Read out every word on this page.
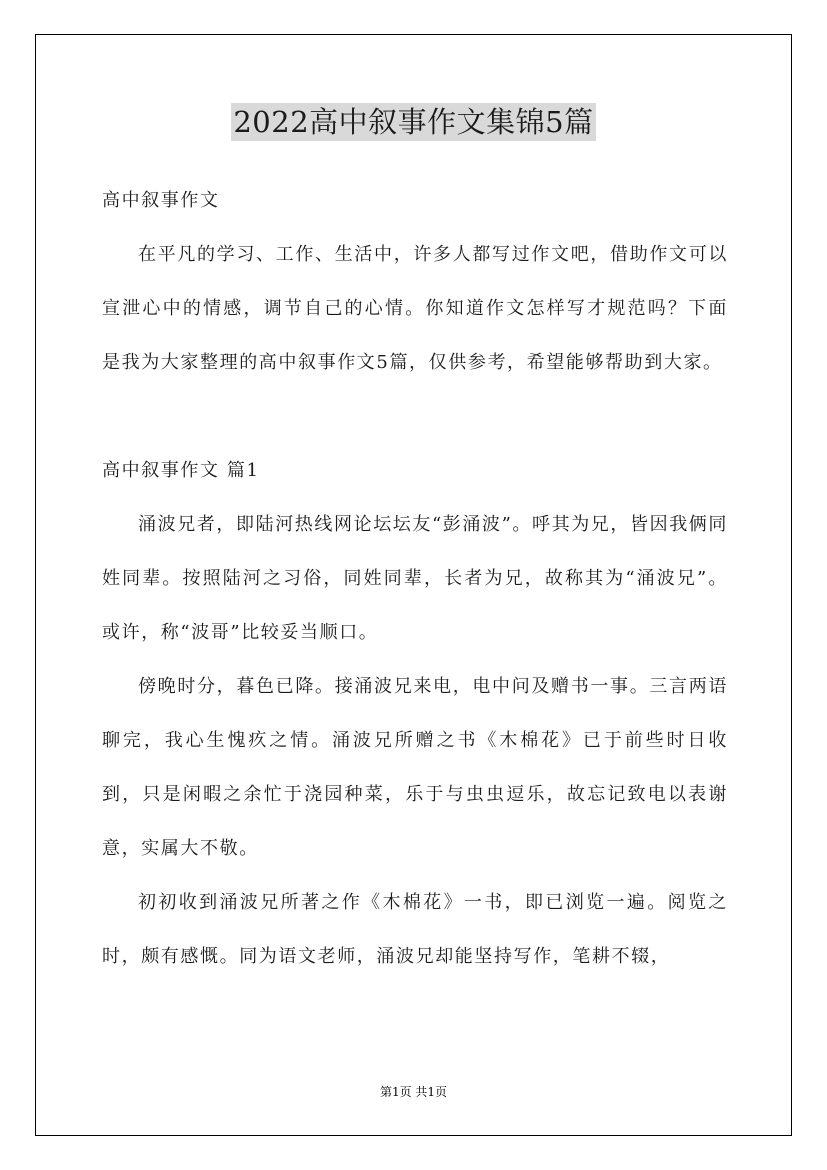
2022高中叙事作文集锦5篇

高中叙事作文

在平凡的学习、工作、生活中，许多人都写过作文吧，借助作文可以宣泄心中的情感，调节自己的心情。你知道作文怎样写才规范吗？下面是我为大家整理的高中叙事作文5篇，仅供参考，希望能够帮助到大家。

高中叙事作文 篇1

涌波兄者，即陆河热线网论坛坛友“彭涌波”。呼其为兄，皆因我俩同姓同辈。按照陆河之习俗，同姓同辈，长者为兄，故称其为“涌波兄”。或许，称“波哥”比较妥当顺口。

傍晚时分，暮色已降。接涌波兄来电，电中问及赠书一事。三言两语聊完，我心生愧疚之情。涌波兄所赠之书《木棉花》已于前些时日收到，只是闲暇之余忙于浇园种菜，乐于与虫虫逗乐，故忘记致电以表谢意，实属大不敬。

初初收到涌波兄所著之作《木棉花》一书，即已浏览一遍。阅览之时，颇有感慨。同为语文老师，涌波兄却能坚持写作，笔耕不辍，

第1页 共1页
